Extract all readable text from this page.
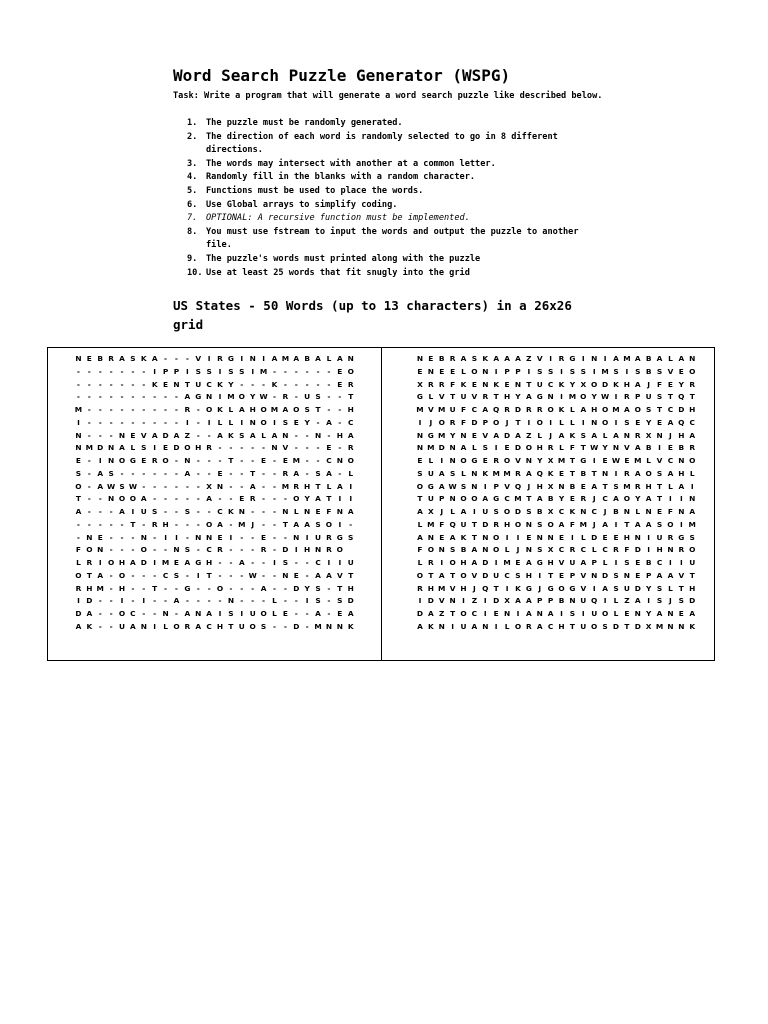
Word Search Puzzle Generator (WSPG)
Task: Write a program that will generate a word search puzzle like described below.
1. The puzzle must be randomly generated.
2. The direction of each word is randomly selected to go in 8 different directions.
3. The words may intersect with another at a common letter.
4. Randomly fill in the blanks with a random character.
5. Functions must be used to place the words.
6. Use Global arrays to simplify coding.
7. OPTIONAL: A recursive function must be implemented.
8. You must use fstream to input the words and output the puzzle to another file.
9. The puzzle's words must printed along with the puzzle
10. Use at least 25 words that fit snugly into the grid
US States - 50 Words (up to 13 characters) in a 26x26 grid
N E B R A S K A -	-	- V I R G I N I A M A B A L A N
-	-	-	-	-	-	-	I P P I S S I S S I M -	-	-	-	-	- E O
-	-	-	-	-	-	- K E N T U C K Y -	-	- K -	-	-	-	- E R
-	-	-	-	-	-	-	-	-	- A G N I M O Y W - R - U S -	- T
M -	-	-	-	-	-	-	-	- R - O K L A H O M A O S T -	- H
I	-	-	-	-	-	-	-	-	-	I	-	I L L I N O I S E Y - A - C
N -	-	- N E V A D A Z -	- A K S A L A N -	- N - H A
N M D N A L S I E D O H R -	-	-	-	- N V -	-	- E - R
E -	I N O G E R O - N -	-	- T -	- E - E M -	- C N O
S - A S -	-	-	-	-	- A -	- E -	- T -	- R A - S A - L
O - A W S W -	-	-	-	-	- X N -	- A -	- M R H T L A I
T -	- N O O A -	-	-	-	- A -	- E R -	-	- O Y A T I	I
A -	-	- A I U S -	- S -	- C K N -	-	- N L N E F N A
-	-	-	-	- T - R H -	-	- O A - M J	-	- T A A S O I	-
- N E -	-	- N -	I	I	- N N E I	-	- E -	- N I U R G S
F O N -	-	- O -	- N S - C R -	-	- R - D I H N R O
L R I O H A D I M E A G H -	- A -	-	I S -	- C I	I U
O T A - O -	-	- C S -	I T -	-	- W -	- N E - A A V T
R H M - H -	- T -	- G -	- O -	-	- A -	- D Y S - T H
I D -	-	I	-	I	-	- A -	-	-	- N -	-	- L -	-	I S - S D
D A -	- O C -	- N - A N A I S I U O L E -	- A - E A
A K -	- U A N I L O R A C H T U O S -	- D - M N N K
N E B R A S K A A A Z V I R G I N I A M A B A L A N
E N E E L O N I P P I S S I S S I M S I S B S V E O
X R R F K E N K E N T U C K Y X O D K H A J F E Y R
G L V T U V R T H Y A G N I M O Y W I R P U S T Q T
M V M U F C A Q R D R R O K L A H O M A O S T C D H
I	J O R F D P O J T I O I L L I N O I S E Y E A Q C
N G M Y N E V A D A Z L J A K S A L A N R X N J H A
N M D N A L S I E D O H R L F T W Y N V A B I E B R
E L I N O G E R O V N Y X M T G I E W E M L V C N O
S U A S L N K M M R A Q K E T B T N I R A O S A H L
O G A W S N I P V Q J H X N B E A T S M R H T L A I
T U P N O O A G C M T A B Y E R J C A O Y A T I	I N
A X J L A I U S O D S B X C K N C J B N L N E F N A
L M F Q U T D R H O N S O A F M J A I T A A S O I M
A N E A K T N O I	I E N N E I L D E E H N I U R G S
F O N S B A N O L J N S X C R C L C R F D I H N R O
L R I O H A D I M E A G H V U A P L I S E B C I	I U
O T A T O V D U C S H I T E P V N D S N E P A A V T
R H M V H J Q T I K G J G O G V I A S U D Y S L T H
I D V N I Z I D X A A P P B N U Q I L Z A I S J S D
D A Z T O C I E N I A N A I S I U O L E N Y A N E A
A K N I U A N I L O R A C H T U O S D T D X M N N K
